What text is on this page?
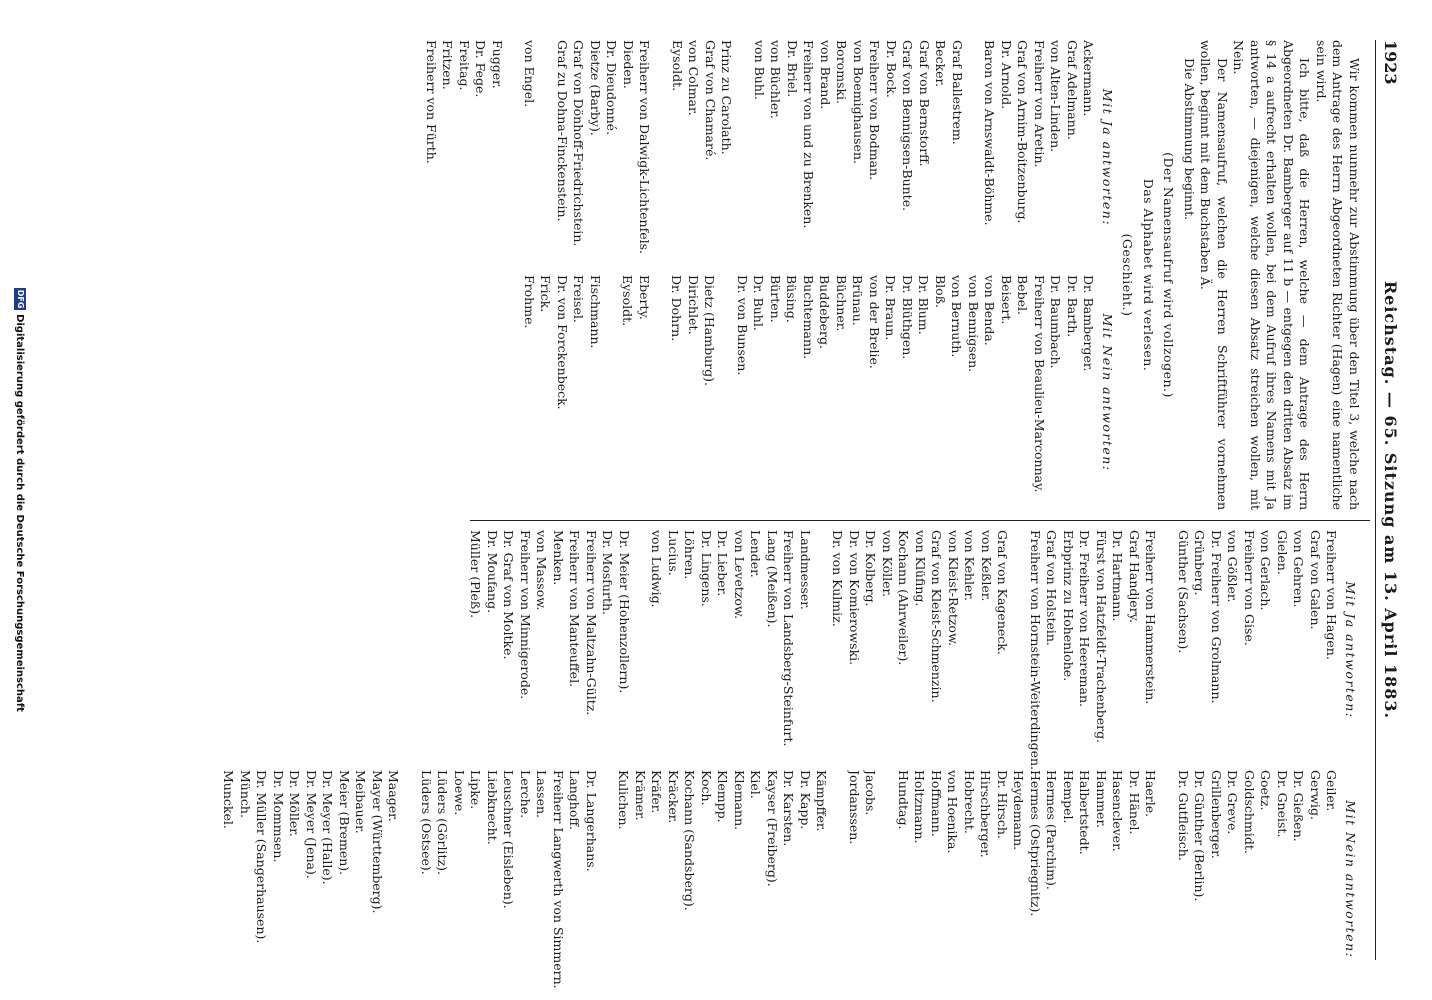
1923
Reichstag. — 65. Sitzung am 13. April 1883.

Wir kommen nunmehr zur Abstimmung über den Titel 3, welche nach dem Antrage des Herrn Abgeordneten Richter (Hagen) eine namentliche sein wird.

Ich bitte, daß die Herren, welche — dem Antrage des Herrn Abgeordneten Dr. Bamberger auf 11 b — entgegen den dritten Absatz im § 14 a aufrecht erhalten wollen, bei dem Aufruf ihres Namens mit Ja antworten, — diejenigen, welche diesen Absatz streichen wollen, mit Nein.

Der Namensaufruf, welchen die Herren Schriftführer vornehmen wollen, beginnt mit dem Buchstaben Ä.

Die Abstimmung beginnt.

(Der Namensaufruf wird vollzogen.)
Das Alphabet wird verlesen.
(Geschieht.)
Mit Ja antworten:
Ackermann.
Graf Adelmann.
von Alten-Linden.
Freiherr von Aretin.
Graf von Arnim-Boitzenburg.
Dr. Arnold.
Baron von Arnswaldt-Böhme.
Graf Ballestrem.
Becker.
Graf von Bernstorff.
Graf von Bennigsen-Bunte.
Dr. Bock.
Freiherr von Bodman.
von Boemighausen.
Boromski.
von Brand.
Freiherr von und zu Brenken.
Dr. Briel.
von Büchler.
von Buhl.
Prinz zu Carolath.
Graf von Chamaré.
von Colmar.
Eysoldt.
Freiherr von Dalwigk-Lichtenfels.
Dieden.
Dr. Dieudonné.
Dietze (Barby).
Graf von Dönhoff-Friedrichstein.
Graf zu Dohna-Finckenstein.
von Engel.
Fugger.
Dr. Fege.
Freitag.
Fritzen.
Freiherr von Fürth.
Mit Nein antworten:
Dr. Bamberger.
Dr. Barth.
Dr. Baumbach.
Freiherr von Beaulieu-Marconnay.
Bebel.
Beisert.
von Benda.
von Bennigsen.
von Bernuth.
Bloß.
Dr. Blum.
Dr. Blüthgen.
Dr. Braun.
von der Brelie.
Brünau.
Büchner.
Buddeberg.
Buchtemann.
Büsing.
Bürten.
Dr. Buhl.
Dr. von Bunsen.
Dietz (Hamburg).
Dirichlet.
Dr. Dohrn.
Eberty.
Eysoldt.
Fischmann.
Freisel.
Dr. von Forckenbeck.
Frick.
Frohme.
Mit Ja antworten:
Freiherr von Hagen.
Graf von Galen.
von Gehren.
Gielen.
von Gerlach.
Freiherr von Gise.
von Gößler.
Dr. Freiherr von Grolmann.
Grünberg.
Günther (Sachsen).
Freiherr von Hammerstein.
Graf Handjery.
Dr. Hartmann.
Fürst von Hatzfeldt-Trachenberg.
Dr. Freiherr von Heereman.
Erbprinz zu Hohenlohe.
Graf von Holstein.
Freiherr von Hornstein-Weiterdingen.
Graf von Kageneck.
von Keßler.
von Kehler.
von Kleist-Retzow.
Graf von Kleist-Schmenzin.
von Klüfing.
Kochann (Ahrweiler).
von Köller.
Dr. Kolberg.
Dr. von Komierowski.
Dr. von Kulmiz.
Landmesser.
Freiherr von Landsberg-Steinfurt.
Lang (Meißen).
Lender.
von Levetzow.
Dr. Lieber.
Dr. Lingens.
Löhren.
Lucius.
von Ludwig.
Dr. Meier (Hohenzollern).
Dr. Mosfurth.
Freiherr von Maltzahn-Gültz.
Freiherr von Manteuffel.
Menken.
von Massow.
Freiherr von Minnigerode.
Dr. Graf von Moltke.
Dr. Moufang.
Müller (Pleß).
Mit Nein antworten:
Geiler.
Gerwig.
Dr. Gießen.
Dr. Gneist.
Goetz.
Goldschmidt.
Dr. Greve.
Grillenberger.
Dr. Günther (Berlin).
Dr. Gutfleisch.
Haerle.
Dr. Hänel.
Hasenclever.
Hammer.
Halbertstedt.
Hempel.
Hermes (Parchim).
Hermes (Ostpriegnitz).
Heydemann.
Dr. Hirsch.
Hirschberger.
Hobrecht.
von Hoenika.
Hoffmann.
Holtzmann.
Hundtag.
Jacobs.
Jordanssen.
Kämpffer.
Dr. Kapp.
Dr. Karsten.
Kayser (Freiberg).
Kiel.
Klemann.
Klempp.
Koch.
Kochann (Sandsberg).
Kräcker.
Kräfer.
Krämer.
Kulichen.
Dr. Langerhans.
Langhoff.
Freiherr Langwerth von Simmern.
Lassen.
Lerche.
Leuschner (Eisleben).
Liebknecht.
Lipke.
Loewe.
Lüders (Görlitz).
Lüders (Ostsee).
Maager.
Mayer (Württemberg).
Meibauer.
Meier (Bremen).
Dr. Meyer (Halle).
Dr. Meyer (Jena).
Dr. Möller.
Dr. Mommsen.
Dr. Müller (Sangerhausen).
Münch.
Munckel.
DFGDigitalisierung gefördert durch die Deutsche Forschungsgemeinschaft
